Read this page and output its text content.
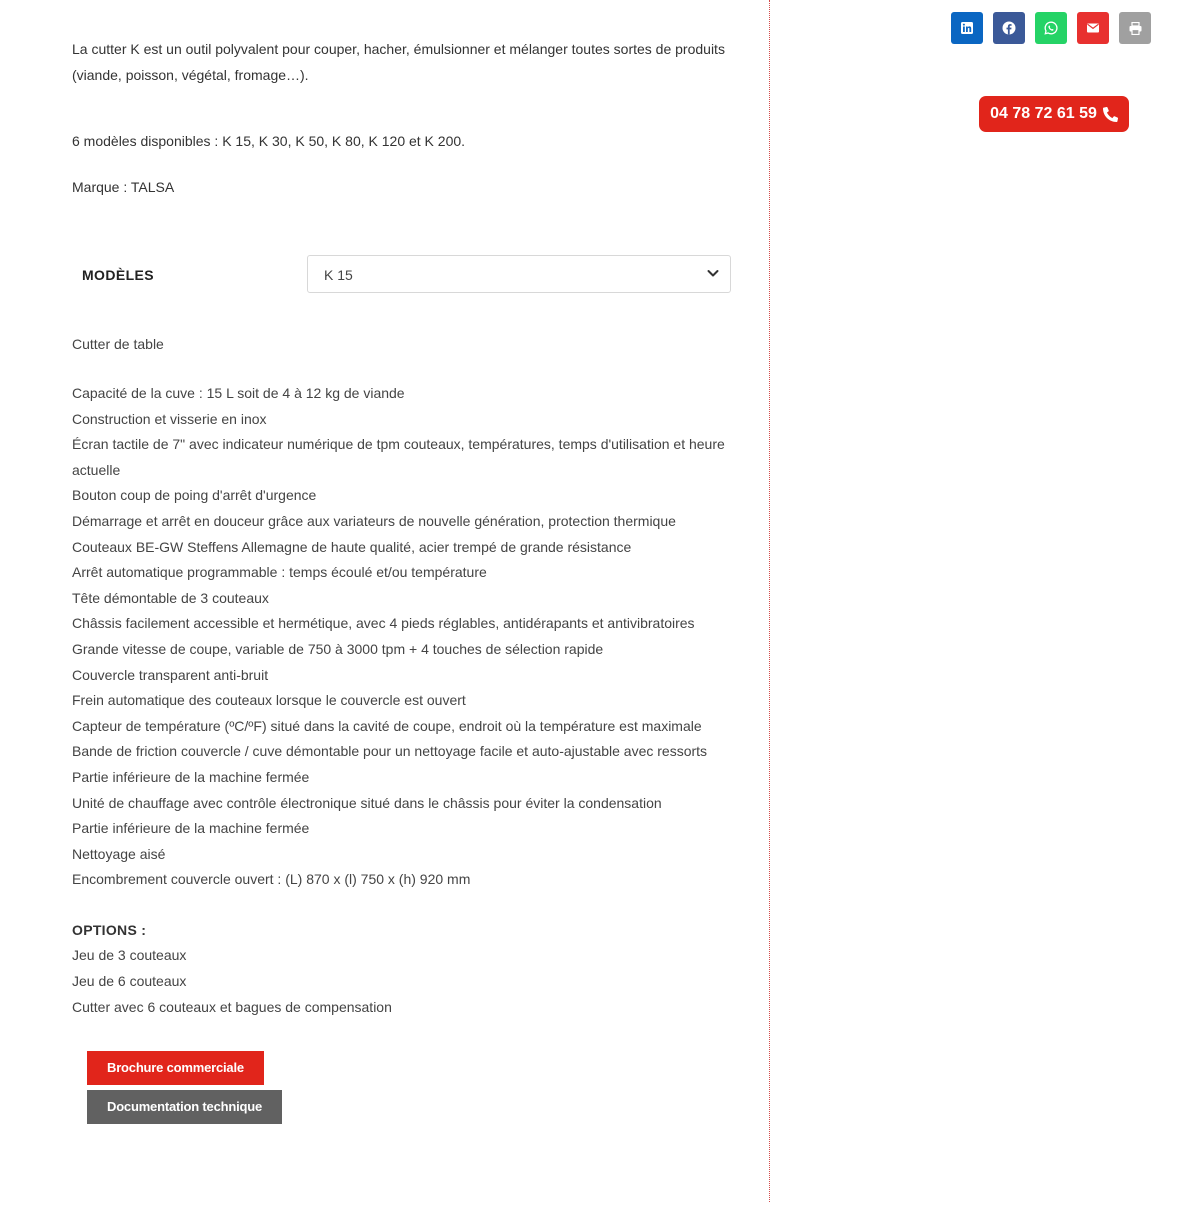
La cutter K est un outil polyvalent pour couper, hacher, émulsionner et mélanger toutes sortes de produits (viande, poisson, végétal, fromage…).

6 modèles disponibles : K 15, K 30, K 50, K 80, K 120 et K 200.

Marque : TALSA

MODÈLES	K 15
Cutter de table
Capacité de la cuve : 15 L soit de 4 à 12 kg de viande
Construction et visserie en inox
Écran tactile de 7" avec indicateur numérique de tpm couteaux, températures, temps d'utilisation et heure actuelle
Bouton coup de poing d'arrêt d'urgence
Démarrage et arrêt en douceur grâce aux variateurs de nouvelle génération, protection thermique
Couteaux BE-GW Steffens Allemagne de haute qualité, acier trempé de grande résistance
Arrêt automatique programmable : temps écoulé et/ou température
Tête démontable de 3 couteaux
Châssis facilement accessible et hermétique, avec 4 pieds réglables, antidérapants et antivibratoires
Grande vitesse de coupe, variable de 750 à 3000 tpm + 4 touches de sélection rapide
Couvercle transparent anti-bruit
Frein automatique des couteaux lorsque le couvercle est ouvert
Capteur de température (ºC/ºF) situé dans la cavité de coupe, endroit où la température est maximale
Bande de friction couvercle / cuve démontable pour un nettoyage facile et auto-ajustable avec ressorts
Partie inférieure de la machine fermée
Unité de chauffage avec contrôle électronique situé dans le châssis pour éviter la condensation
Partie inférieure de la machine fermée
Nettoyage aisé
Encombrement couvercle ouvert : (L) 870 x (l) 750 x (h) 920 mm
OPTIONS :
Jeu de 3 couteaux
Jeu de 6 couteaux
Cutter avec 6 couteaux et bagues de compensation
Brochure commerciale
Documentation technique
04 78 72 61 59
